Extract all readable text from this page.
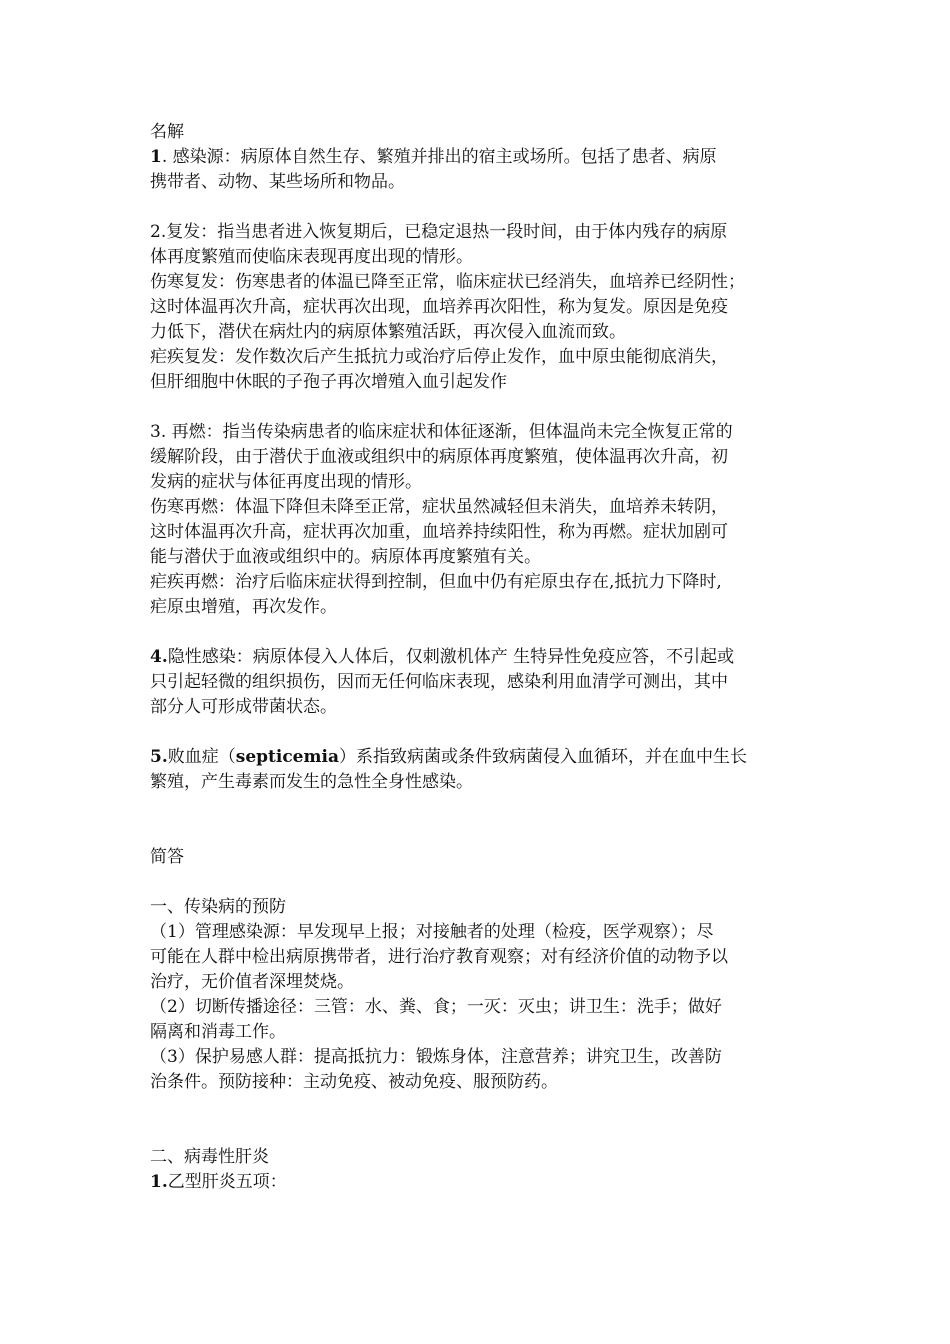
名解
1. 感染源：病原体自然生存、繁殖并排出的宿主或场所。包括了患者、病原
携带者、动物、某些场所和物品。
2.复发：指当患者进入恢复期后，已稳定退热一段时间，由于体内残存的病原
体再度繁殖而使临床表现再度出现的情形。
伤寒复发：伤寒患者的体温已降至正常，临床症状已经消失，血培养已经阴性；
这时体温再次升高，症状再次出现，血培养再次阳性，称为复发。原因是免疫
力低下，潜伏在病灶内的病原体繁殖活跃，再次侵入血流而致。
疟疾复发：发作数次后产生抵抗力或治疗后停止发作，血中原虫能彻底消失，
但肝细胞中休眠的子孢子再次增殖入血引起发作
3. 再燃：指当传染病患者的临床症状和体征逐渐，但体温尚未完全恢复正常的
缓解阶段，由于潜伏于血液或组织中的病原体再度繁殖，使体温再次升高，初
发病的症状与体征再度出现的情形。
伤寒再燃：体温下降但未降至正常，症状虽然减轻但未消失，血培养未转阴，
这时体温再次升高，症状再次加重，血培养持续阳性，称为再燃。症状加剧可
能与潜伏于血液或组织中的。病原体再度繁殖有关。
疟疾再燃：治疗后临床症状得到控制，但血中仍有疟原虫存在,抵抗力下降时,
疟原虫增殖，再次发作。
4.隐性感染：病原体侵入人体后，仅刺激机体产 生特异性免疫应答，不引起或
只引起轻微的组织损伤，因而无任何临床表现，感染利用血清学可测出，其中
部分人可形成带菌状态。
5.败血症（septicemia）系指致病菌或条件致病菌侵入血循环，并在血中生长
繁殖，产生毒素而发生的急性全身性感染。
简答
一、传染病的预防
（1）管理感染源：早发现早上报；对接触者的处理（检疫，医学观察）；尽
可能在人群中检出病原携带者，进行治疗教育观察；对有经济价值的动物予以
治疗，无价值者深埋焚烧。
（2）切断传播途径：三管：水、粪、食；一灭：灭虫；讲卫生：洗手；做好
隔离和消毒工作。
（3）保护易感人群：提高抵抗力：锻炼身体，注意营养；讲究卫生，改善防
治条件。预防接种：主动免疫、被动免疫、服预防药。
二、病毒性肝炎
1.乙型肝炎五项：
